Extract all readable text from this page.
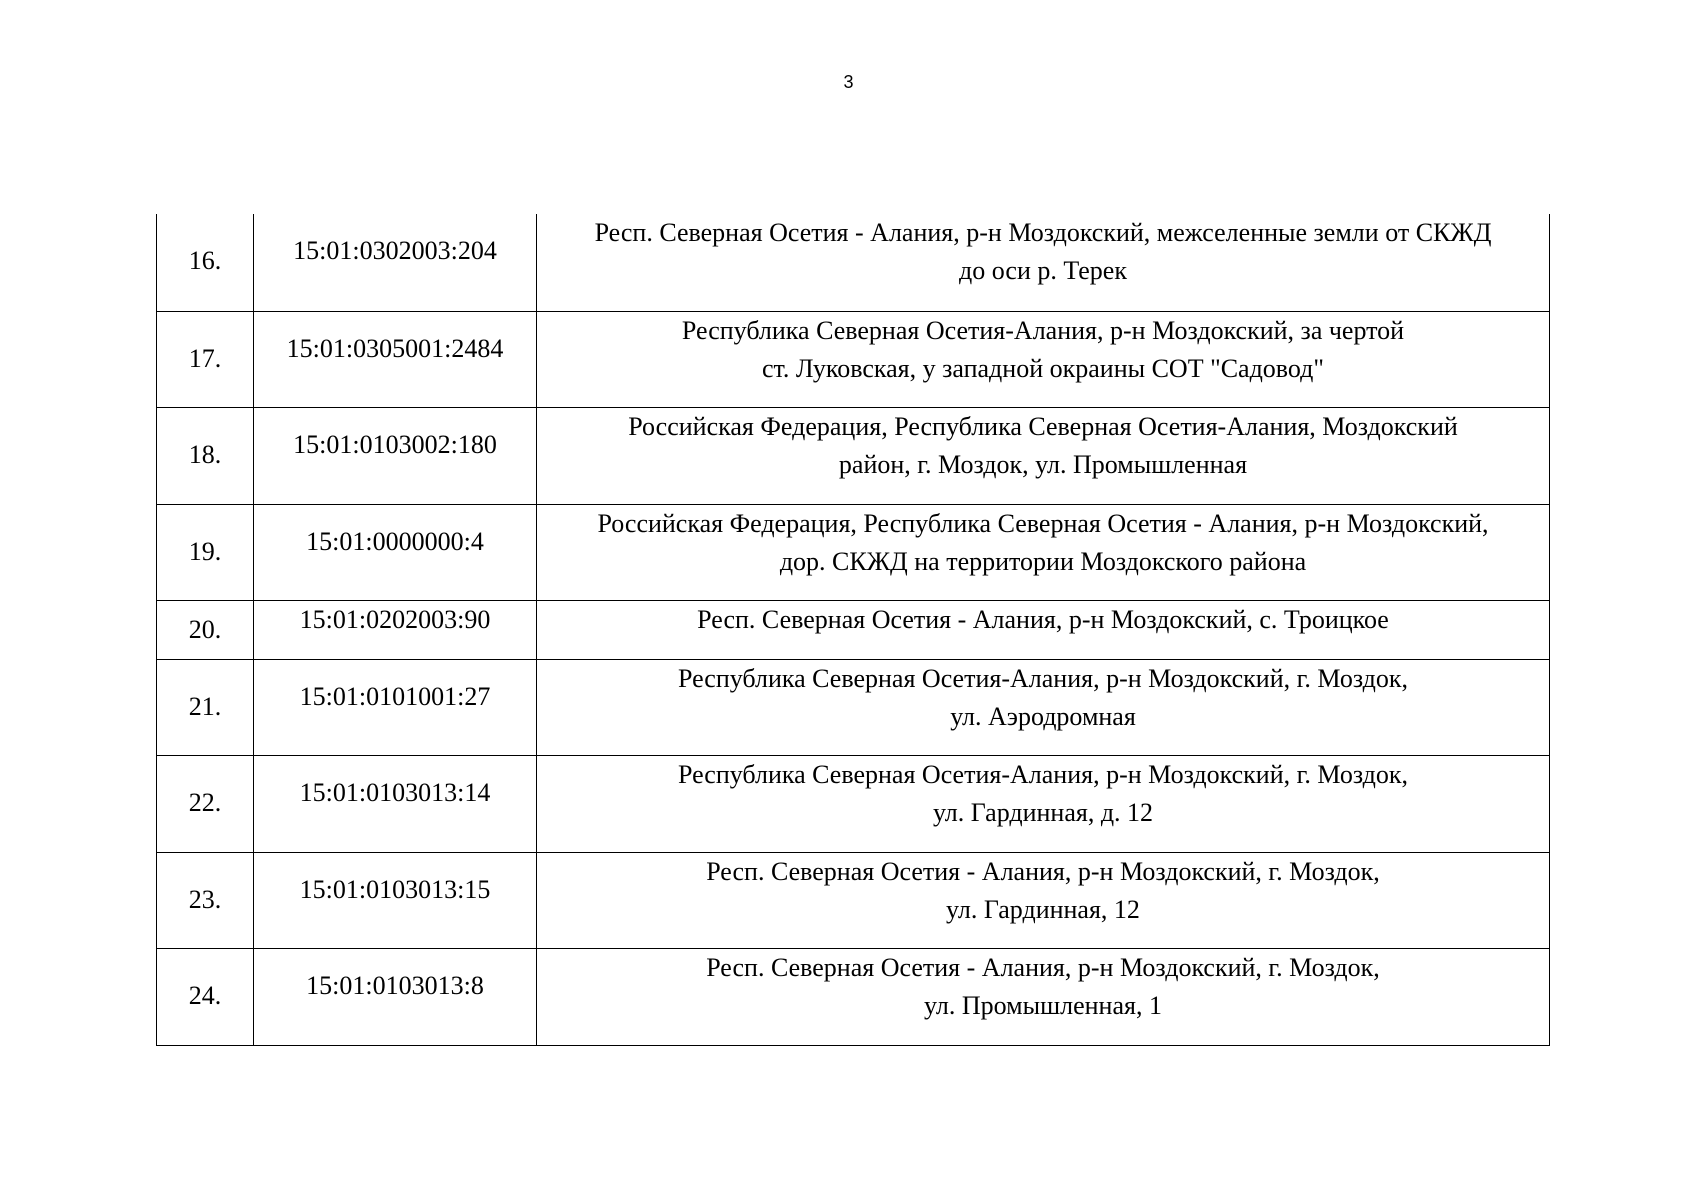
3
16.	15:01:0302003:204	Респ. Северная Осетия - Алания, р-н Моздокский, межселенные земли от СКЖД
до оси р. Терек

17.	15:01:0305001:2484	Республика Северная Осетия-Алания, р-н Моздокский, за чертой
ст. Луковская, у западной окраины СОТ "Садовод"

18.	15:01:0103002:180	Российская Федерация, Республика Северная Осетия-Алания, Моздокский
район, г. Моздок, ул. Промышленная

19.	15:01:0000000:4	Российская Федерация, Республика Северная Осетия - Алания, р-н Моздокский,
дор. СКЖД на территории Моздокского района

20.	15:01:0202003:90	Респ. Северная Осетия - Алания, р-н Моздокский, с. Троицкое

21.	15:01:0101001:27	Республика Северная Осетия-Алания, р-н Моздокский, г. Моздок,
ул. Аэродромная

22.	15:01:0103013:14	Республика Северная Осетия-Алания, р-н Моздокский, г. Моздок,
ул. Гардинная, д. 12

23.	15:01:0103013:15	Респ. Северная Осетия - Алания, р-н Моздокский, г. Моздок,
ул. Гардинная, 12

24.	15:01:0103013:8	Респ. Северная Осетия - Алания, р-н Моздокский, г. Моздок,
ул. Промышленная, 1
